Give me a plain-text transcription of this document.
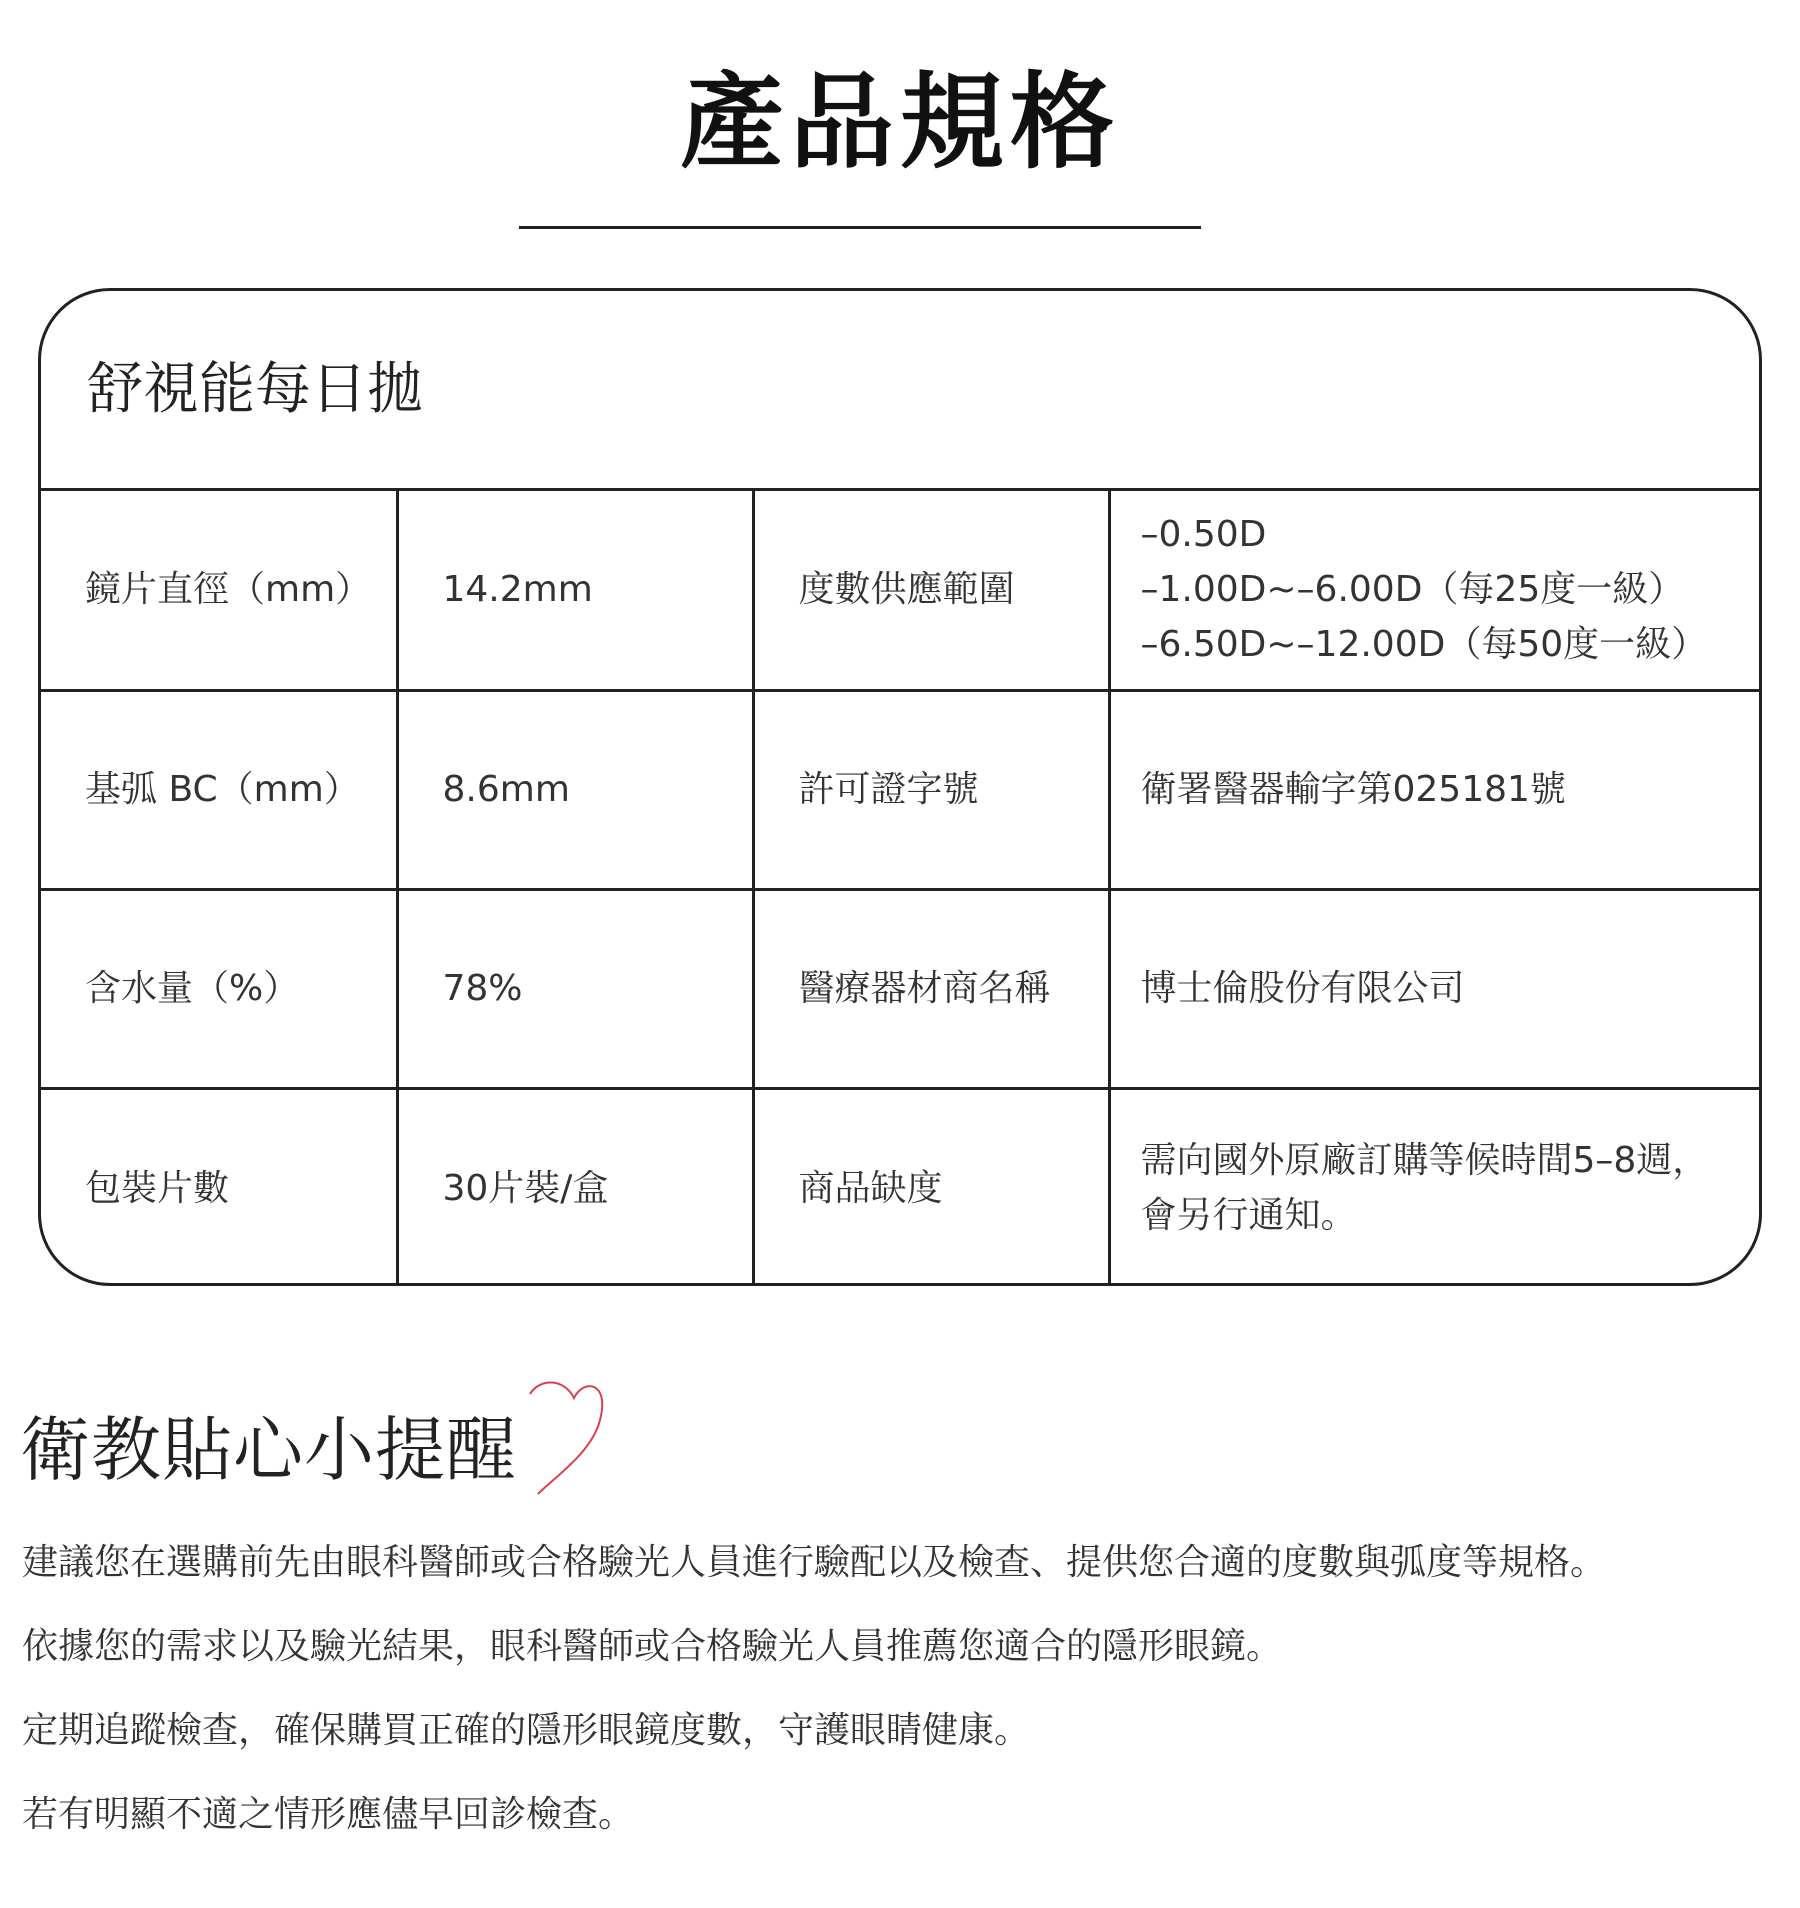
產品規格
舒視能每日拋
鏡片直徑（mm）	14.2mm	度數供應範圍	–0.50D
–1.00D~–6.00D（每25度一級）
–6.50D~–12.00D（每50度一級）

基弧 BC（mm）	8.6mm	許可證字號	衛署醫器輸字第025181號

含水量（%）	78%	醫療器材商名稱	博士倫股份有限公司

包裝片數	30片裝/盒	商品缺度	需向國外原廠訂購等候時間5–8週，
會另行通知。
衛教貼心小提醒
建議您在選購前先由眼科醫師或合格驗光人員進行驗配以及檢查、提供您合適的度數與弧度等規格。
依據您的需求以及驗光結果，眼科醫師或合格驗光人員推薦您適合的隱形眼鏡。
定期追蹤檢查，確保購買正確的隱形眼鏡度數，守護眼睛健康。
若有明顯不適之情形應儘早回診檢查。
